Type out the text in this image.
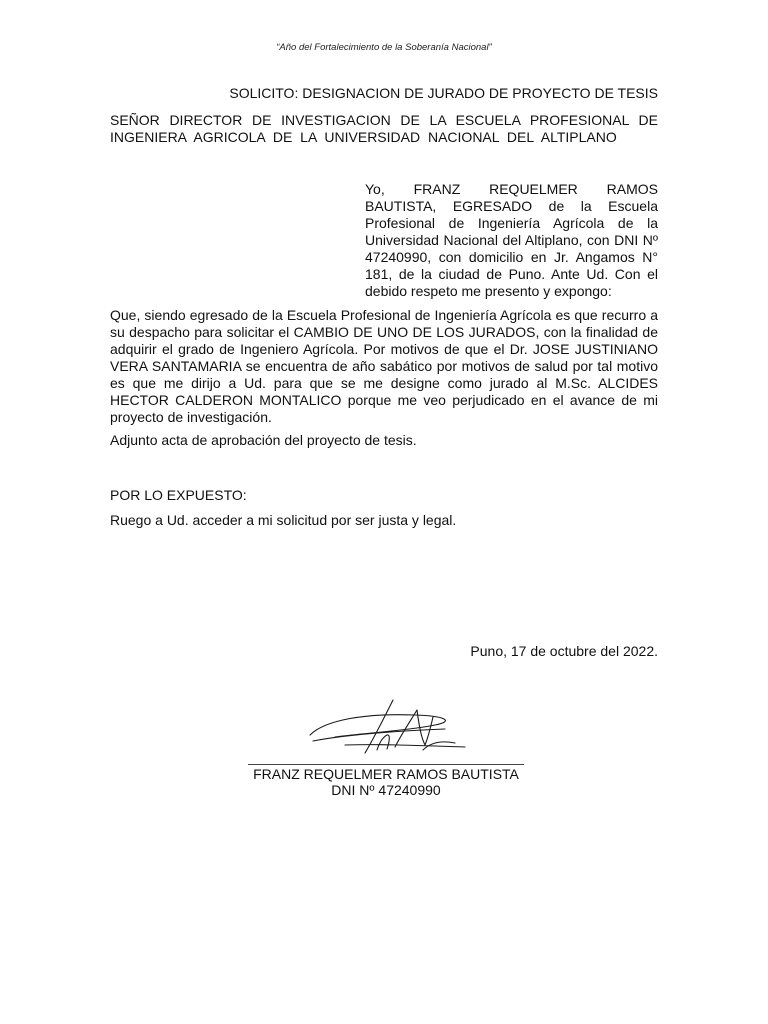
“Año del Fortalecimiento de la Soberanía Nacional”
SOLICITO: DESIGNACION DE JURADO DE PROYECTO DE TESIS
SEÑOR DIRECTOR DE INVESTIGACION DE LA ESCUELA PROFESIONAL DE
INGENIERA AGRICOLA DE LA UNIVERSIDAD NACIONAL DEL ALTIPLANO
Yo, FRANZ REQUELMER RAMOS BAUTISTA, EGRESADO de la Escuela Profesional de Ingeniería Agrícola de la Universidad Nacional del Altiplano, con DNI Nº 47240990, con domicilio en Jr. Angamos N° 181, de la ciudad de Puno. Ante Ud. Con el debido respeto me presento y expongo:
Que, siendo egresado de la Escuela Profesional de Ingeniería Agrícola es que recurro a su despacho para solicitar el CAMBIO DE UNO DE LOS JURADOS, con la finalidad de adquirir el grado de Ingeniero Agrícola. Por motivos de que el Dr. JOSE JUSTINIANO VERA SANTAMARIA se encuentra de año sabático por motivos de salud por tal motivo es que me dirijo a Ud. para que se me designe como jurado al M.Sc. ALCIDES HECTOR CALDERON MONTALICO porque me veo perjudicado en el avance de mi proyecto de investigación.
Adjunto acta de aprobación del proyecto de tesis.
POR LO EXPUESTO:
Ruego a Ud. acceder a mi solicitud por ser justa y legal.
Puno, 17 de octubre del 2022.
FRANZ REQUELMER RAMOS BAUTISTA
DNI Nº 47240990
